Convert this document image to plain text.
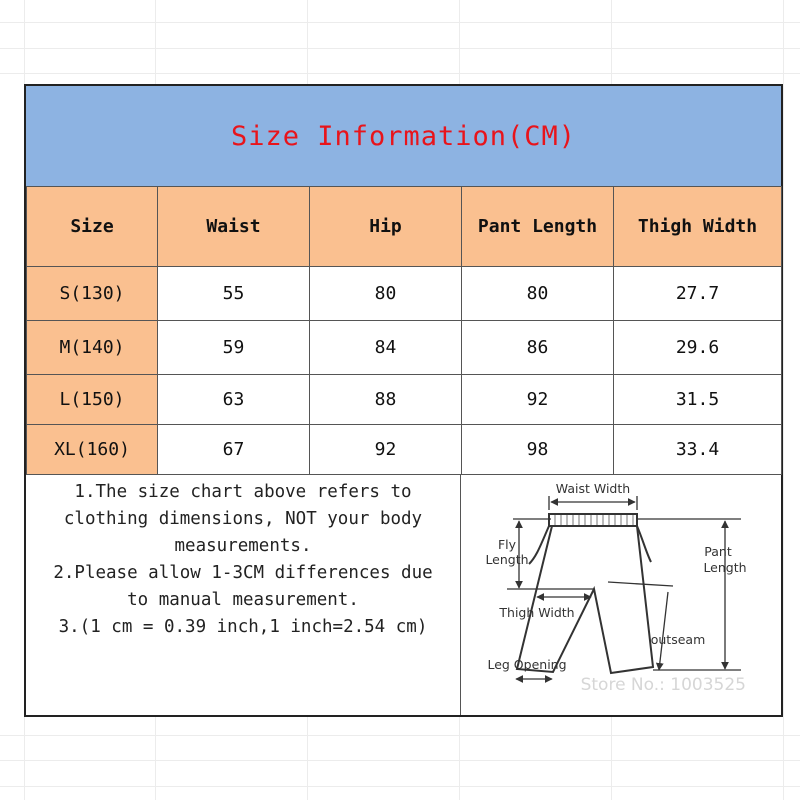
Size Information(CM)
Size	Waist	Hip	Pant Length	Thigh Width
S(130)	55	80	80	27.7
M(140)	59	84	86	29.6
L(150)	63	88	92	31.5
XL(160)	67	92	98	33.4

1.The size chart above refers to

clothing dimensions, NOT your body

measurements.

2.Please allow 1-3CM differences due

to manual measurement.

3.(1 cm = 0.39 inch,1 inch=2.54 cm)

Waist Width
Fly
Length
Pant
Length
Thigh Width
outseam
Leg Opening
Store No.: 1003525
